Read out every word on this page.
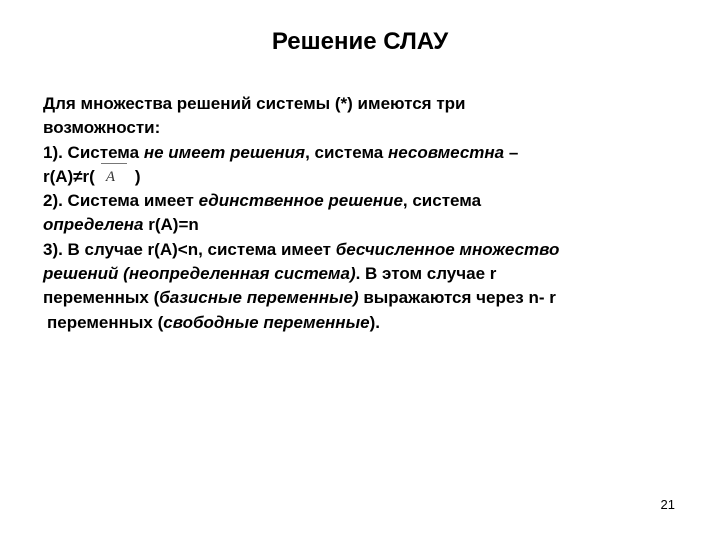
Решение СЛАУ
Для множества решений системы (*) имеются три
возможности:
1). Система не имеет решения, система несовместна –
r(A)≠r( A )
2). Система имеет единственное решение, система
определена r(A)=n
3). В случае r(A)<n, система имеет бесчисленное множество
решений (неопределенная система). В этом случае r
переменных (базисные переменные) выражаются через n- r
переменных (свободные переменные).
21
